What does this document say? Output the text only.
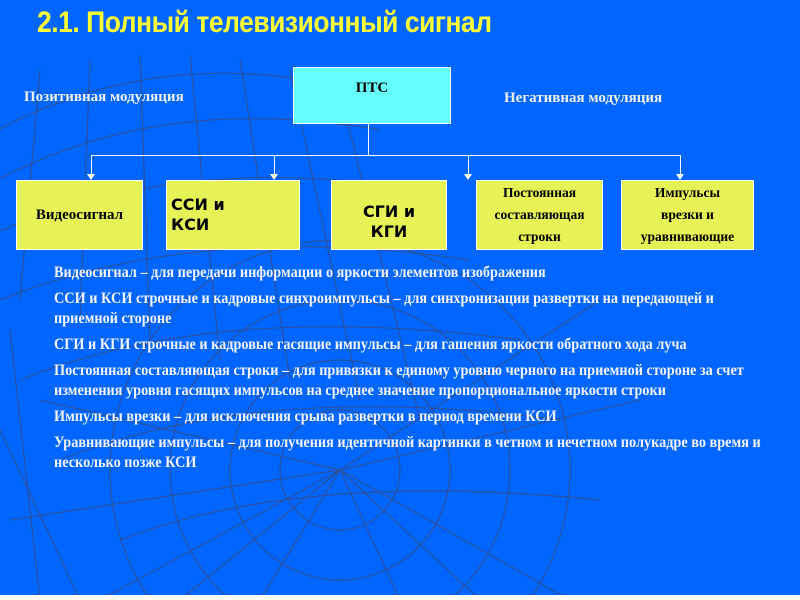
2.1. Полный телевизионный сигнал
Позитивная модуляция	Негативная модуляция
ПТС
Видеосигнал
ССИ и КСИ
СГИ и КГИ
Постоянная составляющая строки
Импульсы врезки и уравнивающие

Видеосигнал – для передачи информации о яркости элементов изображения

ССИ и КСИ строчные и кадровые синхроимпульсы – для синхронизации развертки на передающей и приемной стороне

СГИ и КГИ строчные и кадровые гасящие импульсы – для гашения яркости обратного хода луча

Постоянная составляющая строки – для привязки к единому уровню черного на приемной стороне за счет изменения уровня гасящих импульсов на среднее значение пропорциональное яркости строки

Импульсы врезки – для исключения срыва развертки в период времени КСИ

Уравнивающие импульсы – для получения идентичной картинки в четном и нечетном полукадре во время и несколько позже КСИ
